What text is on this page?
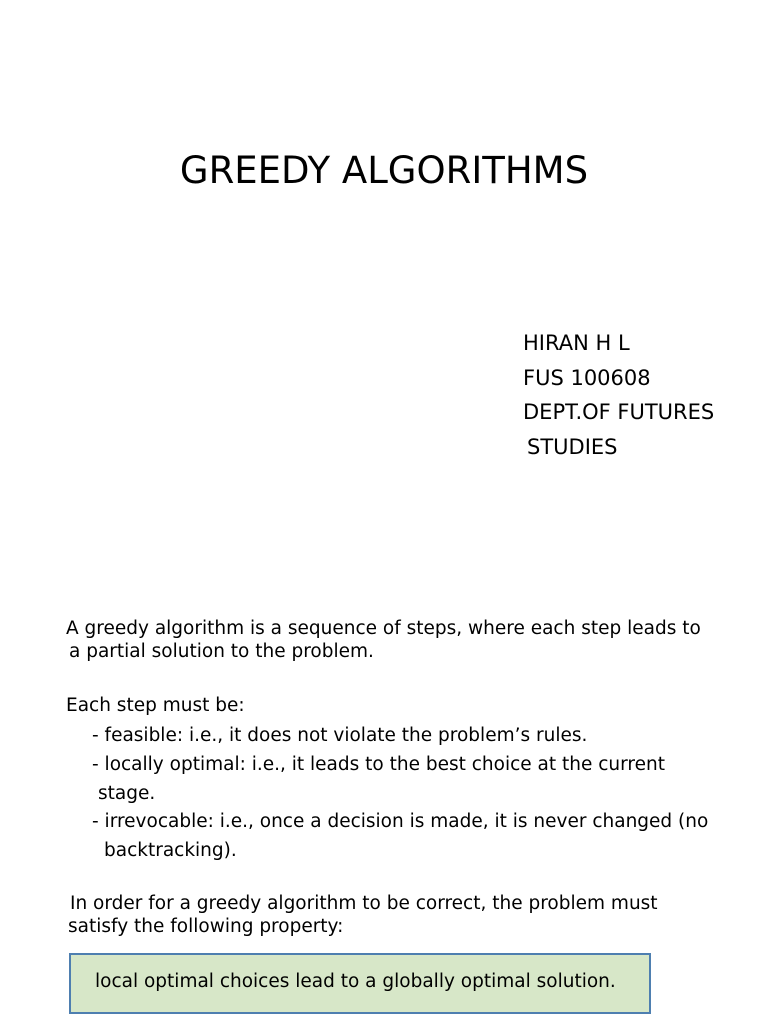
GREEDY ALGORITHMS
HIRAN H L
FUS 100608
DEPT.OF FUTURES
STUDIES
A greedy algorithm is a sequence of steps, where each step leads to
a partial solution to the problem.
Each step must be:
- feasible: i.e., it does not violate the problem’s rules.
- locally optimal: i.e., it leads to the best choice at the current
stage.
- irrevocable: i.e., once a decision is made, it is never changed (no
backtracking).
In order for a greedy algorithm to be correct, the problem must
satisfy the following property:
local optimal choices lead to a globally optimal solution.
